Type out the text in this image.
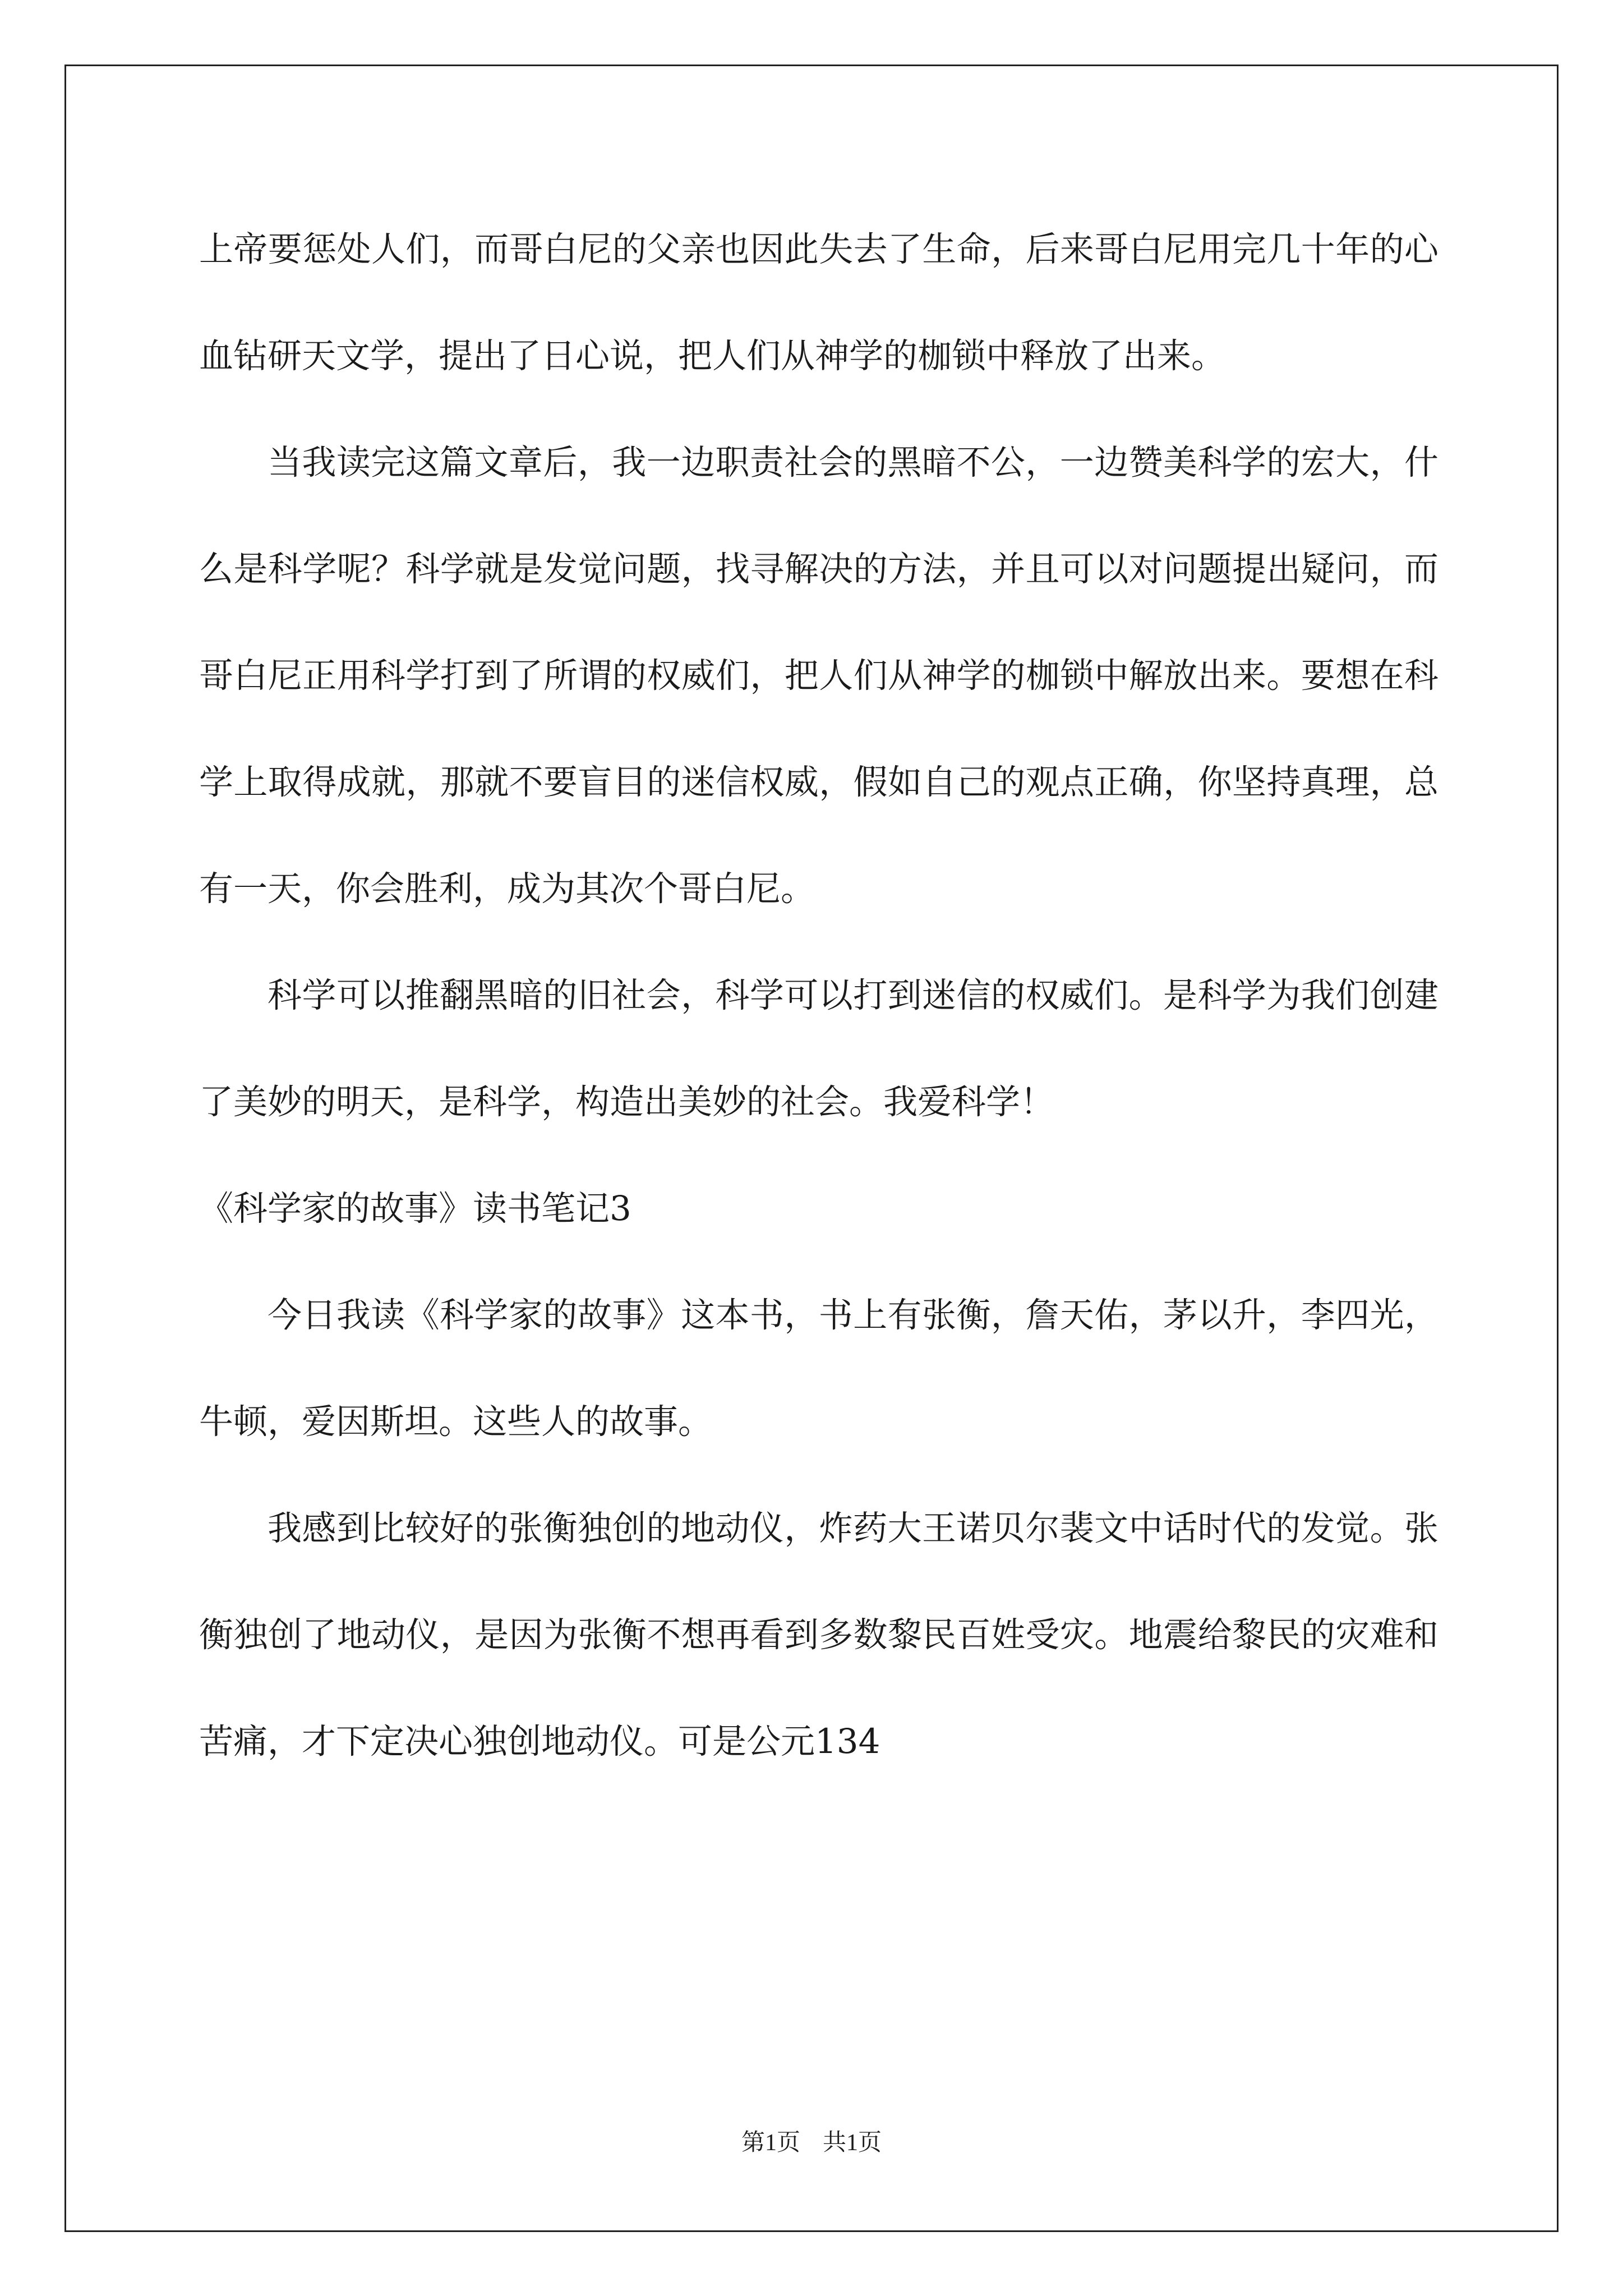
上帝要惩处人们，而哥白尼的父亲也因此失去了生命，后来哥白尼用完几十年的心血钻研天文学，提出了日心说，把人们从神学的枷锁中释放了出来。

当我读完这篇文章后，我一边职责社会的黑暗不公，一边赞美科学的宏大，什么是科学呢？科学就是发觉问题，找寻解决的方法，并且可以对问题提出疑问，而哥白尼正用科学打到了所谓的权威们，把人们从神学的枷锁中解放出来。要想在科学上取得成就，那就不要盲目的迷信权威，假如自己的观点正确，你坚持真理，总有一天，你会胜利，成为其次个哥白尼。

科学可以推翻黑暗的旧社会，科学可以打到迷信的权威们。是科学为我们创建了美妙的明天，是科学，构造出美妙的社会。我爱科学！

《科学家的故事》读书笔记3

今日我读《科学家的故事》这本书，书上有张衡，詹天佑，茅以升，李四光，牛顿，爱因斯坦。这些人的故事。

我感到比较好的张衡独创的地动仪，炸药大王诺贝尔裴文中话时代的发觉。张衡独创了地动仪，是因为张衡不想再看到多数黎民百姓受灾。地震给黎民的灾难和苦痛，才下定决心独创地动仪。可是公元134

第1页 共1页
